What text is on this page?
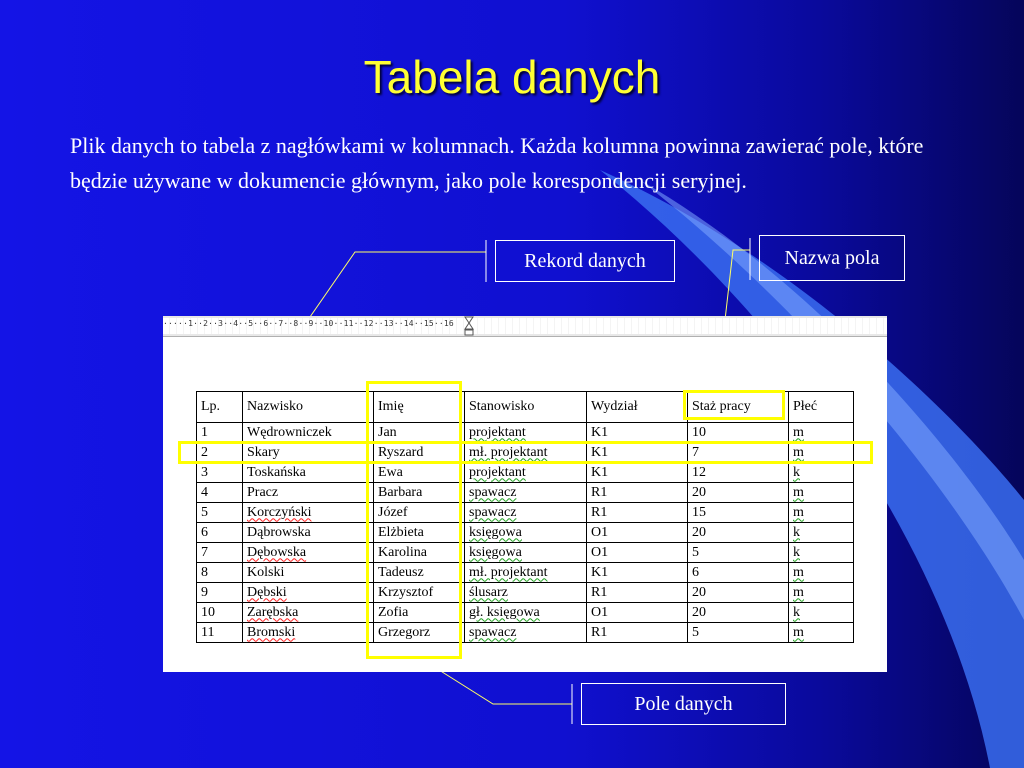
Tabela danych
Plik danych to tabela z nagłówkami w kolumnach. Każda kolumna powinna zawierać pole, które będzie używane w dokumencie głównym, jako pole korespondencji seryjnej.
Rekord danych	Nazwa pola
Pole danych
·····1··2··3··4··5··6··7··8··9··10··11··12··13··14··15··16
Lp.	Nazwisko	Imię	Stanowisko	Wydział	Staż pracy	Płeć
1	Wędrowniczek	Jan	projektant	K1	10	m
2	Skary	Ryszard	mł. projektant	K1	7	m
3	Toskańska	Ewa	projektant	K1	12	k
4	Pracz	Barbara	spawacz	R1	20	m
5	Korczyński	Józef	spawacz	R1	15	m
6	Dąbrowska	Elżbieta	księgowa	O1	20	k
7	Dębowska	Karolina	księgowa	O1	5	k
8	Kolski	Tadeusz	mł. projektant	K1	6	m
9	Dębski	Krzysztof	ślusarz	R1	20	m
10	Zarębska	Zofia	gł. księgowa	O1	20	k
11	Bromski	Grzegorz	spawacz	R1	5	m
